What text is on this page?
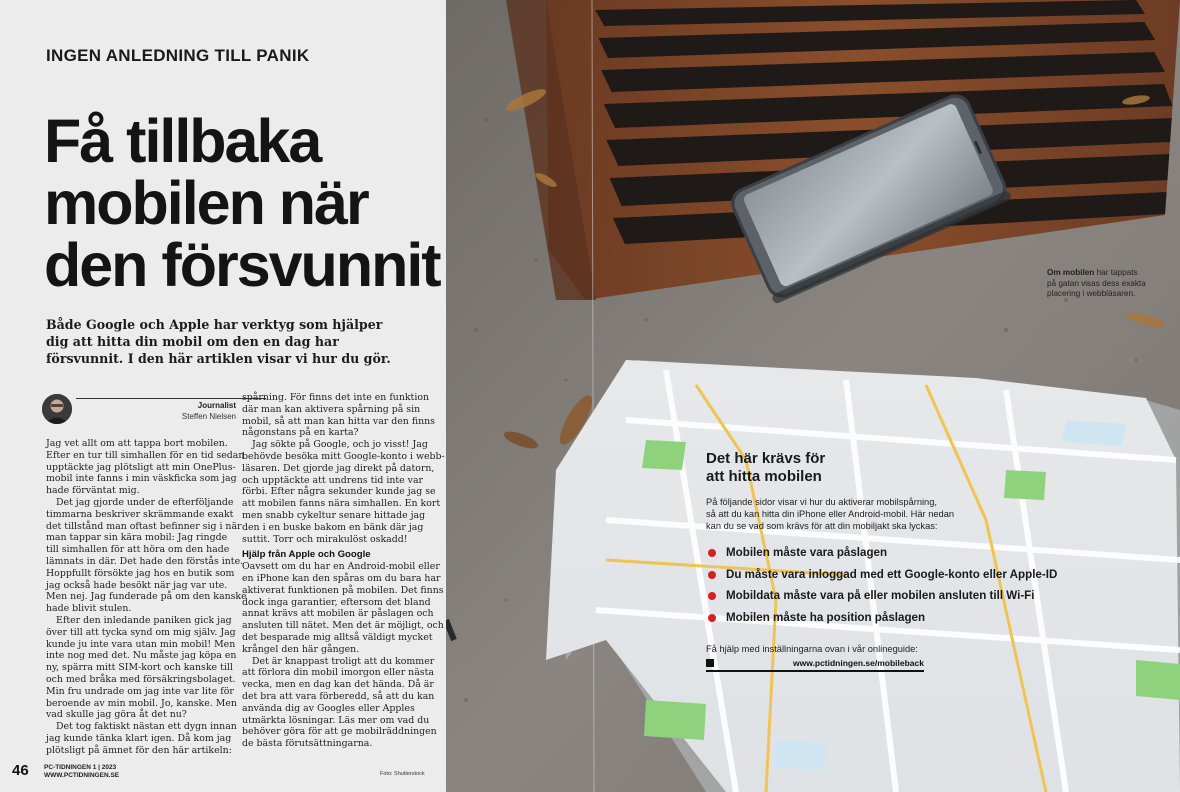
INGEN ANLEDNING TILL PANIK
Få tillbaka
mobilen när
den försvunnit

Både Google och Apple har verktyg som hjälper
dig att hitta din mobil om den en dag har
försvunnit. I den här artiklen visar vi hur du gör.

Journalist
Steffen Nielsen
Jag vet allt om att tappa bort mobilen.
Efter en tur till simhallen för en tid sedan
upptäckte jag plötsligt att min OnePlus-
mobil inte fanns i min väskficka som jag
hade förväntat mig.
Det jag gjorde under de efterföljande
timmarna beskriver skrämmande exakt
det tillstånd man oftast befinner sig i när
man tappar sin kära mobil: Jag ringde
till simhallen för att höra om den hade
lämnats in där. Det hade den förstås inte.
Hoppfullt försökte jag hos en butik som
jag också hade besökt när jag var ute.
Men nej. Jag funderade på om den kanske
hade blivit stulen.
Efter den inledande paniken gick jag
över till att tycka synd om mig själv. Jag
kunde ju inte vara utan min mobil! Men
inte nog med det. Nu måste jag köpa en
ny, spärra mitt SIM-kort och kanske till
och med bråka med försäkringsbolaget.
Min fru undrade om jag inte var lite för
beroende av min mobil. Jo, kanske. Men
vad skulle jag göra åt det nu?
Det tog faktiskt nästan ett dygn innan
jag kunde tänka klart igen. Då kom jag
plötsligt på ämnet för den här artikeln:
spårning. För finns det inte en funktion
där man kan aktivera spårning på sin
mobil, så att man kan hitta var den finns
någonstans på en karta?
Jag sökte på Google, och jo visst! Jag
behövde besöka mitt Google-konto i webb-
läsaren. Det gjorde jag direkt på datorn,
och upptäckte att undrens tid inte var
förbi. Efter några sekunder kunde jag se
att mobilen fanns nära simhallen. En kort
men snabb cykeltur senare hittade jag
den i en buske bakom en bänk där jag
suttit. Torr och mirakulöst oskadd!
Hjälp från Apple och Google
Oavsett om du har en Android-mobil eller
en iPhone kan den spåras om du bara har
aktiverat funktionen på mobilen. Det finns
dock inga garantier, eftersom det bland
annat krävs att mobilen är påslagen och
ansluten till nätet. Men det är möjligt, och
det besparade mig alltså väldigt mycket
krångel den här gången.
Det är knappast troligt att du kommer
att förlora din mobil imorgon eller nästa
vecka, men en dag kan det hända. Då är
det bra att vara förberedd, så att du kan
använda dig av Googles eller Apples
utmärkta lösningar. Läs mer om vad du
behöver göra för att ge mobilräddningen
de bästa förutsättningarna.
46 PC-TIDNINGEN 1 | 2023
WWW.PCTIDNINGEN.SE	Foto: Shutterstock
Om mobilen har tappats
på gatan visas dess exakta
placering i webbläsaren.
Det här krävs för
att hitta mobilen
På följande sidor visar vi hur du aktiverar mobilspårning,
så att du kan hitta din iPhone eller Android-mobil. Här nedan
kan du se vad som krävs för att din mobiljakt ska lyckas:
Mobilen måste vara påslagen
Du måste vara inloggad med ett Google-konto eller Apple-ID
Mobildata måste vara på eller mobilen ansluten till Wi-Fi
Mobilen måste ha position påslagen
Få hjälp med inställningarna ovan i vår onlineguide:
www.pctidningen.se/mobileback
